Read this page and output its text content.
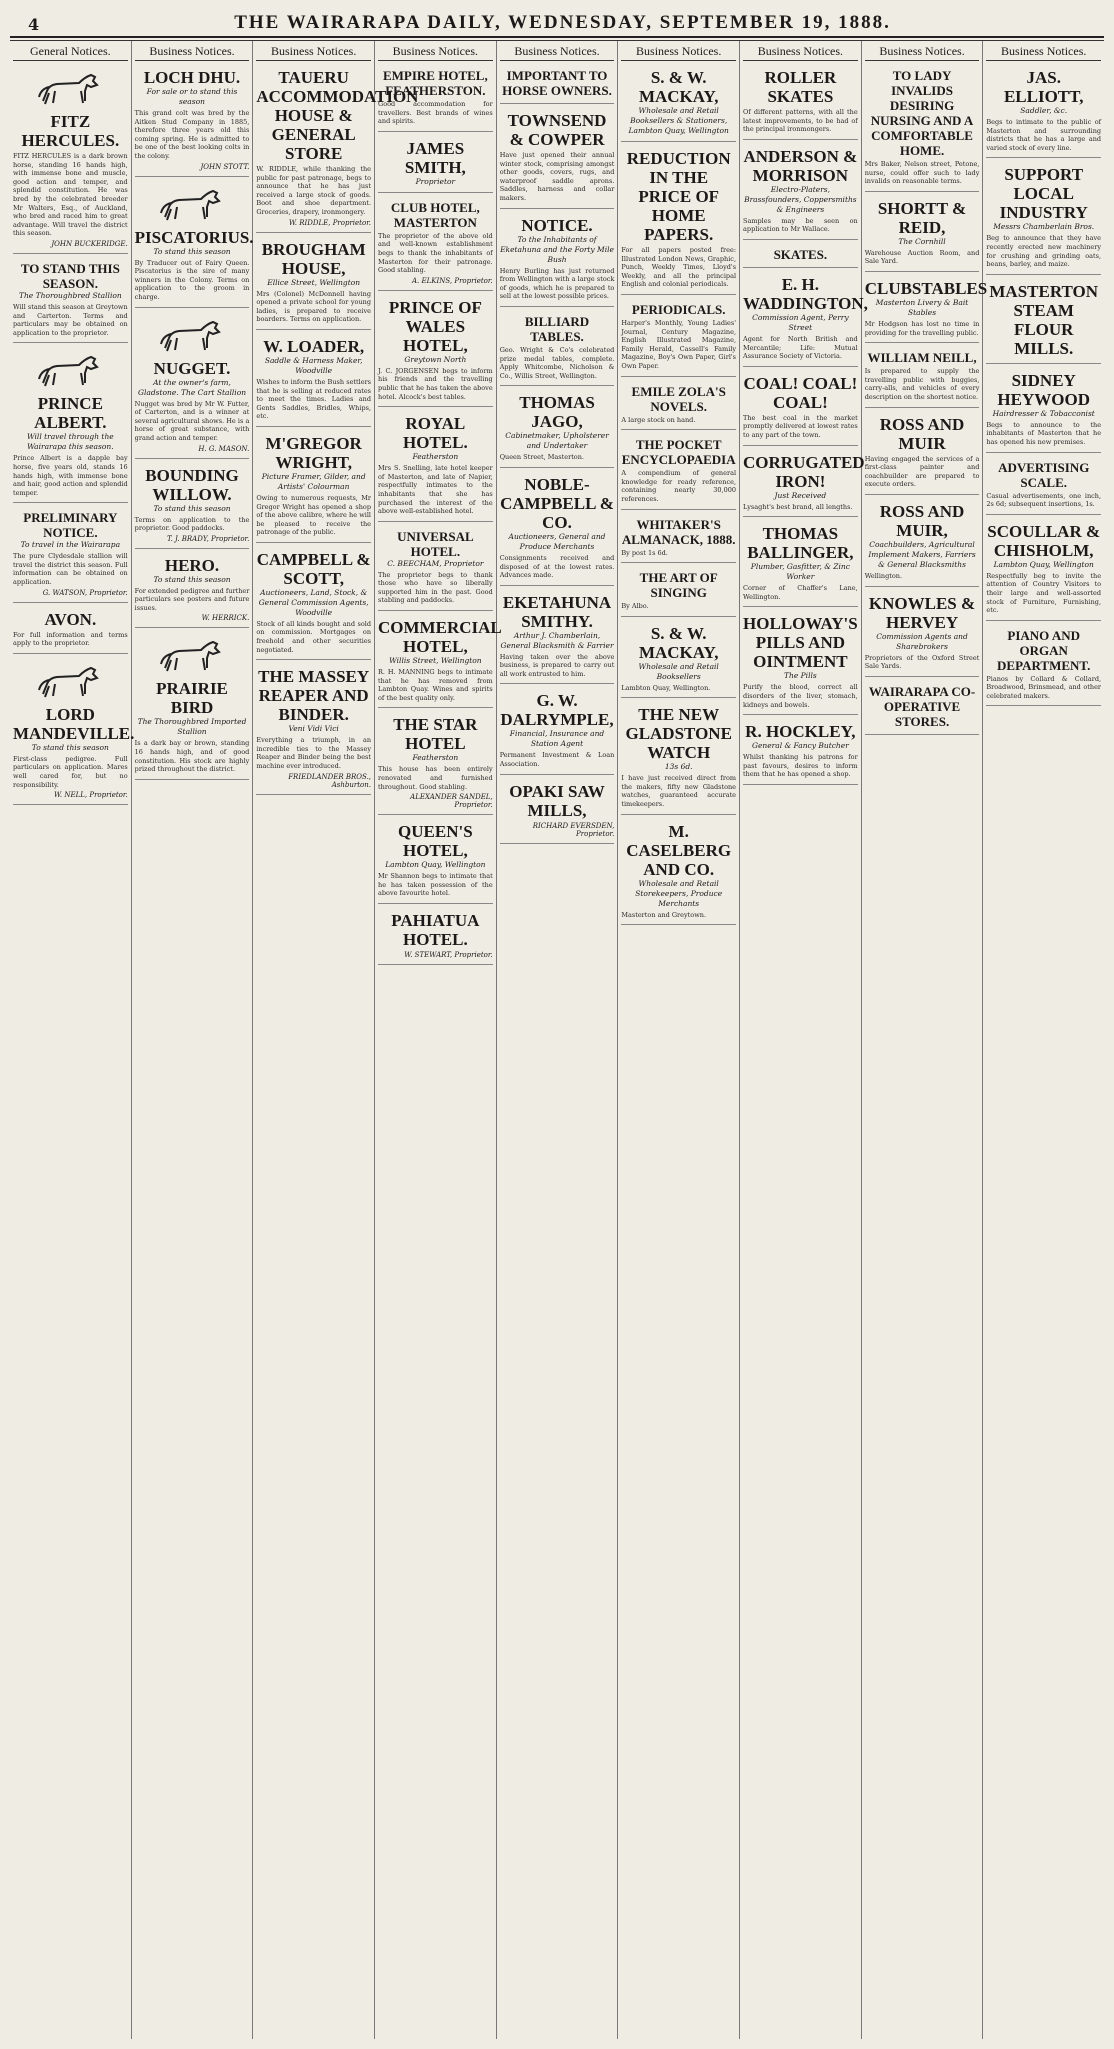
4	THE WAIRARAPA DAILY, WEDNESDAY, SEPTEMBER 19, 1888.
General Notices.
FITZ HERCULES.
FITZ HERCULES is a dark brown horse, standing 16 hands high, with immense bone and muscle, good action and temper, and splendid constitution. He was bred by the celebrated breeder Mr Walters, Esq., of Auckland, who bred and raced him to great advantage. Will travel the district this season.
JOHN BUCKERIDGE.
TO STAND THIS SEASON.
The Thoroughbred Stallion
Will stand this season at Greytown and Carterton. Terms and particulars may be obtained on application to the proprietor.
PRINCE ALBERT.
Will travel through the Wairarapa this season.
Prince Albert is a dapple bay horse, five years old, stands 16 hands high, with immense bone and hair, good action and splendid temper.
PRELIMINARY NOTICE.
To travel in the Wairarapa
The pure Clydesdale stallion will travel the district this season. Full information can be obtained on application.
G. WATSON, Proprietor.
AVON.
For full information and terms apply to the proprietor.
LORD MANDEVILLE.
To stand this season
First-class pedigree. Full particulars on application. Mares well cared for, but no responsibility.
W. NELL, Proprietor.
Business Notices.
LOCH DHU.
For sale or to stand this season
This grand colt was bred by the Aitken Stud Company in 1885, therefore three years old this coming spring. He is admitted to be one of the best looking colts in the colony.
JOHN STOTT.
PISCATORIUS.
To stand this season
By Traducer out of Fairy Queen. Piscatorius is the sire of many winners in the Colony. Terms on application to the groom in charge.
NUGGET.
At the owner's farm, Gladstone. The Cart Stallion
Nugget was bred by Mr W. Futter, of Carterton, and is a winner at several agricultural shows. He is a horse of great substance, with grand action and temper.
H. G. MASON.
BOUNDING WILLOW.
To stand this season
Terms on application to the proprietor. Good paddocks.
T. J. BRADY, Proprietor.
HERO.
To stand this season
For extended pedigree and further particulars see posters and future issues.
W. HERRICK.
PRAIRIE BIRD
The Thoroughbred Imported Stallion
Is a dark bay or brown, standing 16 hands high, and of good constitution. His stock are highly prized throughout the district.
Business Notices.
TAUERU ACCOMMODATION HOUSE & GENERAL STORE
W. RIDDLE, while thanking the public for past patronage, begs to announce that he has just received a large stock of goods. Boot and shoe department. Groceries, drapery, ironmongery.
W. RIDDLE, Proprietor.
BROUGHAM HOUSE,
Ellice Street, Wellington
Mrs (Colonel) McDonnell having opened a private school for young ladies, is prepared to receive boarders. Terms on application.
W. LOADER,
Saddle & Harness Maker, Woodville
Wishes to inform the Bush settlers that he is selling at reduced rates to meet the times. Ladies and Gents Saddles, Bridles, Whips, etc.
M'GREGOR WRIGHT,
Picture Framer, Gilder, and Artists' Colourman
Owing to numerous requests, Mr Gregor Wright has opened a shop of the above calibre, where he will be pleased to receive the patronage of the public.
CAMPBELL & SCOTT,
Auctioneers, Land, Stock, & General Commission Agents, Woodville
Stock of all kinds bought and sold on commission. Mortgages on freehold and other securities negotiated.
THE MASSEY REAPER AND BINDER.
Veni Vidi Vici
Everything a triumph, in an incredible ties to the Massey Reaper and Binder being the best machine ever introduced.
FRIEDLANDER BROS., Ashburton.
Business Notices.
EMPIRE HOTEL, FEATHERSTON.
Good accommodation for travellers. Best brands of wines and spirits.
JAMES SMITH,
Proprietor
CLUB HOTEL, MASTERTON
The proprietor of the above old and well-known establishment begs to thank the inhabitants of Masterton for their patronage. Good stabling.
A. ELKINS, Proprietor.
PRINCE OF WALES HOTEL,
Greytown North
J. C. JORGENSEN begs to inform his friends and the travelling public that he has taken the above hotel. Alcock's best tables.
ROYAL HOTEL.
Featherston
Mrs S. Snelling, late hotel keeper of Masterton, and late of Napier, respectfully intimates to the inhabitants that she has purchased the interest of the above well-established hotel.
UNIVERSAL HOTEL.
C. BEECHAM, Proprietor
The proprietor begs to thank those who have so liberally supported him in the past. Good stabling and paddocks.
COMMERCIAL HOTEL,
Willis Street, Wellington
R. H. MANNING begs to intimate that he has removed from Lambton Quay. Wines and spirits of the best quality only.
THE STAR HOTEL
Featherston
This house has been entirely renovated and furnished throughout. Good stabling.
ALEXANDER SANDEL, Proprietor.
QUEEN'S HOTEL,
Lambton Quay, Wellington
Mr Shannon begs to intimate that he has taken possession of the above favourite hotel.
PAHIATUA HOTEL.
W. STEWART, Proprietor.
Business Notices.
IMPORTANT TO HORSE OWNERS.
TOWNSEND & COWPER
Have just opened their annual winter stock, comprising amongst other goods, covers, rugs, and waterproof saddle aprons. Saddles, harness and collar makers.
NOTICE.
To the Inhabitants of Eketahuna and the Forty Mile Bush
Henry Burling has just returned from Wellington with a large stock of goods, which he is prepared to sell at the lowest possible prices.
BILLIARD TABLES.
Geo. Wright & Co's celebrated prize medal tables, complete. Apply Whitcombe, Nicholson & Co., Willis Street, Wellington.
THOMAS JAGO,
Cabinetmaker, Upholsterer and Undertaker
Queen Street, Masterton.
NOBLE-CAMPBELL & CO.
Auctioneers, General and Produce Merchants
Consignments received and disposed of at the lowest rates. Advances made.
EKETAHUNA SMITHY.
Arthur J. Chamberlain, General Blacksmith & Farrier
Having taken over the above business, is prepared to carry out all work entrusted to him.
G. W. DALRYMPLE,
Financial, Insurance and Station Agent
Permanent Investment & Loan Association.
OPAKI SAW MILLS,
RICHARD EVERSDEN, Proprietor.
Business Notices.
S. & W. MACKAY,
Wholesale and Retail Booksellers & Stationers, Lambton Quay, Wellington
REDUCTION IN THE PRICE OF HOME PAPERS.
For all papers posted free: Illustrated London News, Graphic, Punch, Weekly Times, Lloyd's Weekly, and all the principal English and colonial periodicals.
PERIODICALS.
Harper's Monthly, Young Ladies' Journal, Century Magazine, English Illustrated Magazine, Family Herald, Cassell's Family Magazine, Boy's Own Paper, Girl's Own Paper.
EMILE ZOLA'S NOVELS.
A large stock on hand.
THE POCKET ENCYCLOPAEDIA
A compendium of general knowledge for ready reference, containing nearly 30,000 references.
WHITAKER'S ALMANACK, 1888.
By post 1s 6d.
THE ART OF SINGING
By Albo.
S. & W. MACKAY,
Wholesale and Retail Booksellers
Lambton Quay, Wellington.
THE NEW GLADSTONE WATCH
13s 6d.
I have just received direct from the makers, fifty new Gladstone watches, guaranteed accurate timekeepers.
M. CASELBERG AND CO.
Wholesale and Retail Storekeepers, Produce Merchants
Masterton and Greytown.
Business Notices.
ROLLER SKATES
Of different patterns, with all the latest improvements, to be had of the principal ironmongers.
ANDERSON & MORRISON
Electro-Platers, Brassfounders, Coppersmiths & Engineers
Samples may be seen on application to Mr Wallace.
SKATES.
E. H. WADDINGTON,
Commission Agent, Perry Street
Agent for North British and Mercantile; Life: Mutual Assurance Society of Victoria.
COAL! COAL! COAL!
The best coal in the market promptly delivered at lowest rates to any part of the town.
CORRUGATED IRON!
Just Received
Lysaght's best brand, all lengths.
THOMAS BALLINGER,
Plumber, Gasfitter, & Zinc Worker
Corner of Chaffer's Lane, Wellington.
HOLLOWAY'S PILLS AND OINTMENT
The Pills
Purify the blood, correct all disorders of the liver, stomach, kidneys and bowels.
R. HOCKLEY,
General & Fancy Butcher
Whilst thanking his patrons for past favours, desires to inform them that he has opened a shop.
Business Notices.
TO LADY INVALIDS DESIRING NURSING AND A COMFORTABLE HOME.
Mrs Baker, Nelson street, Petone, nurse, could offer such to lady invalids on reasonable terms.
SHORTT & REID,
The Cornhill
Warehouse Auction Room, and Sale Yard.
CLUBSTABLES
Masterton Livery & Bait Stables
Mr Hodgson has lost no time in providing for the travelling public.
WILLIAM NEILL,
Is prepared to supply the travelling public with buggies, carry-alls, and vehicles of every description on the shortest notice.
ROSS AND MUIR
Having engaged the services of a first-class painter and coachbuilder are prepared to execute orders.
ROSS AND MUIR,
Coachbuilders, Agricultural Implement Makers, Farriers & General Blacksmiths
Wellington.
KNOWLES & HERVEY
Commission Agents and Sharebrokers
Proprietors of the Oxford Street Sale Yards.
WAIRARAPA CO-OPERATIVE STORES.
Business Notices.
JAS. ELLIOTT,
Saddler, &c.
Begs to intimate to the public of Masterton and surrounding districts that he has a large and varied stock of every line.
SUPPORT LOCAL INDUSTRY
Messrs Chamberlain Bros.
Beg to announce that they have recently erected new machinery for crushing and grinding oats, beans, barley, and maize.
MASTERTON STEAM FLOUR MILLS.
SIDNEY HEYWOOD
Hairdresser & Tobacconist
Begs to announce to the inhabitants of Masterton that he has opened his new premises.
ADVERTISING SCALE.
Casual advertisements, one inch, 2s 6d; subsequent insertions, 1s.
SCOULLAR & CHISHOLM,
Lambton Quay, Wellington
Respectfully beg to invite the attention of Country Visitors to their large and well-assorted stock of Furniture, Furnishing, etc.
PIANO AND ORGAN DEPARTMENT.
Pianos by Collard & Collard, Broadwood, Brinsmead, and other celebrated makers.
